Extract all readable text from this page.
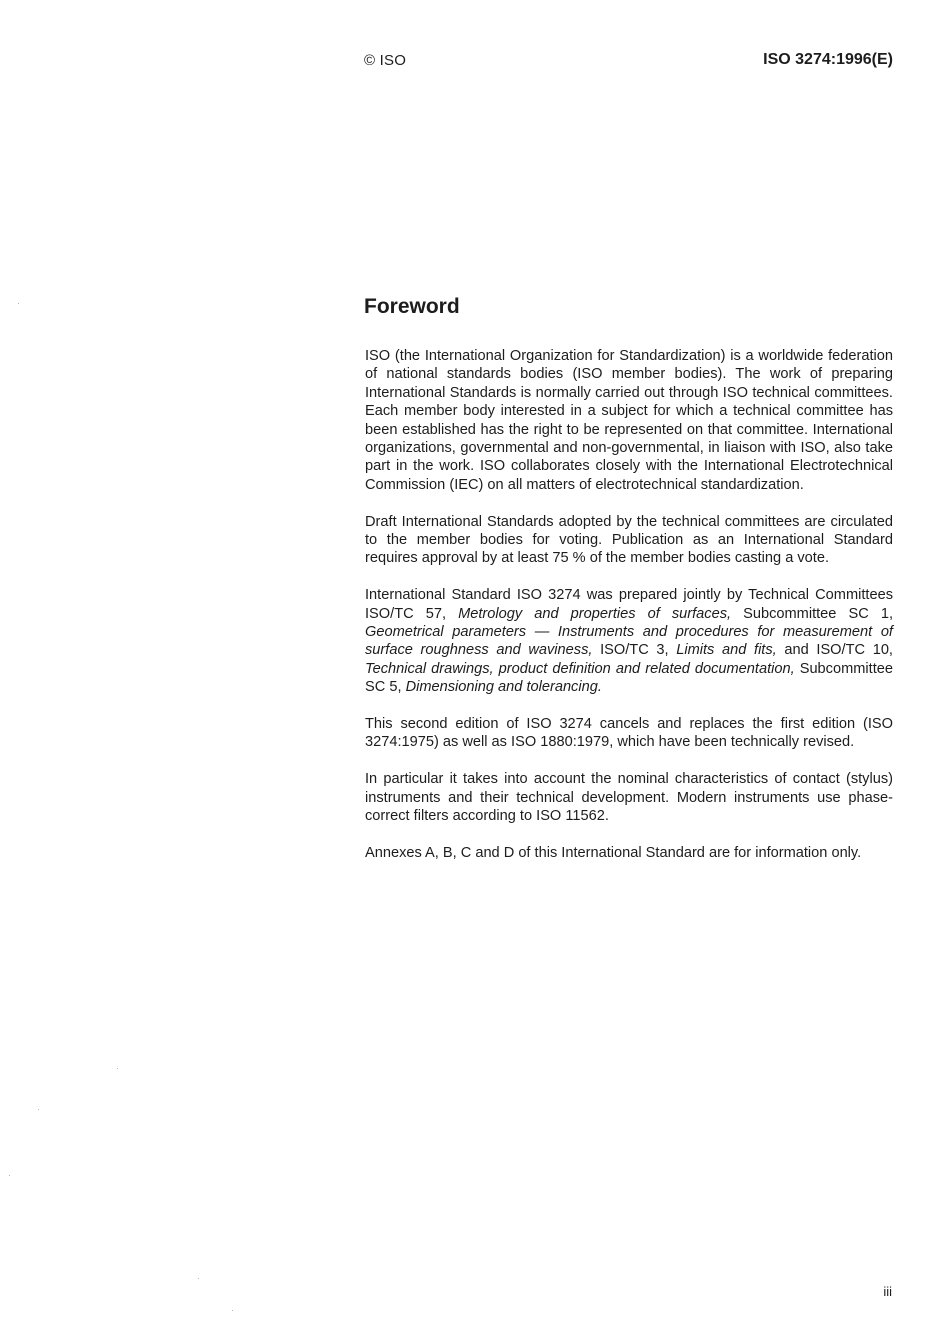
© ISO	ISO 3274:1996(E)
Foreword

ISO (the International Organization for Standardization) is a worldwide federation of national standards bodies (ISO member bodies). The work of preparing International Standards is normally carried out through ISO technical committees. Each member body interested in a subject for which a technical committee has been established has the right to be represented on that committee. International organizations, governmental and non-governmental, in liaison with ISO, also take part in the work. ISO collaborates closely with the International Electrotechnical Commission (IEC) on all matters of electrotechnical standardization.

Draft International Standards adopted by the technical committees are circulated to the member bodies for voting. Publication as an International Standard requires approval by at least 75 % of the member bodies casting a vote.

International Standard ISO 3274 was prepared jointly by Technical Committees ISO/TC 57, Metrology and properties of surfaces, Subcommittee SC 1, Geometrical parameters — Instruments and procedures for measurement of surface roughness and waviness, ISO/TC 3, Limits and fits, and ISO/TC 10, Technical drawings, product definition and related documentation, Subcommittee SC 5, Dimensioning and tolerancing.

This second edition of ISO 3274 cancels and replaces the first edition (ISO 3274:1975) as well as ISO 1880:1979, which have been technically revised.

In particular it takes into account the nominal characteristics of contact (stylus) instruments and their technical development. Modern instruments use phase-correct filters according to ISO 11562.

Annexes A, B, C and D of this International Standard are for information only.

iii
